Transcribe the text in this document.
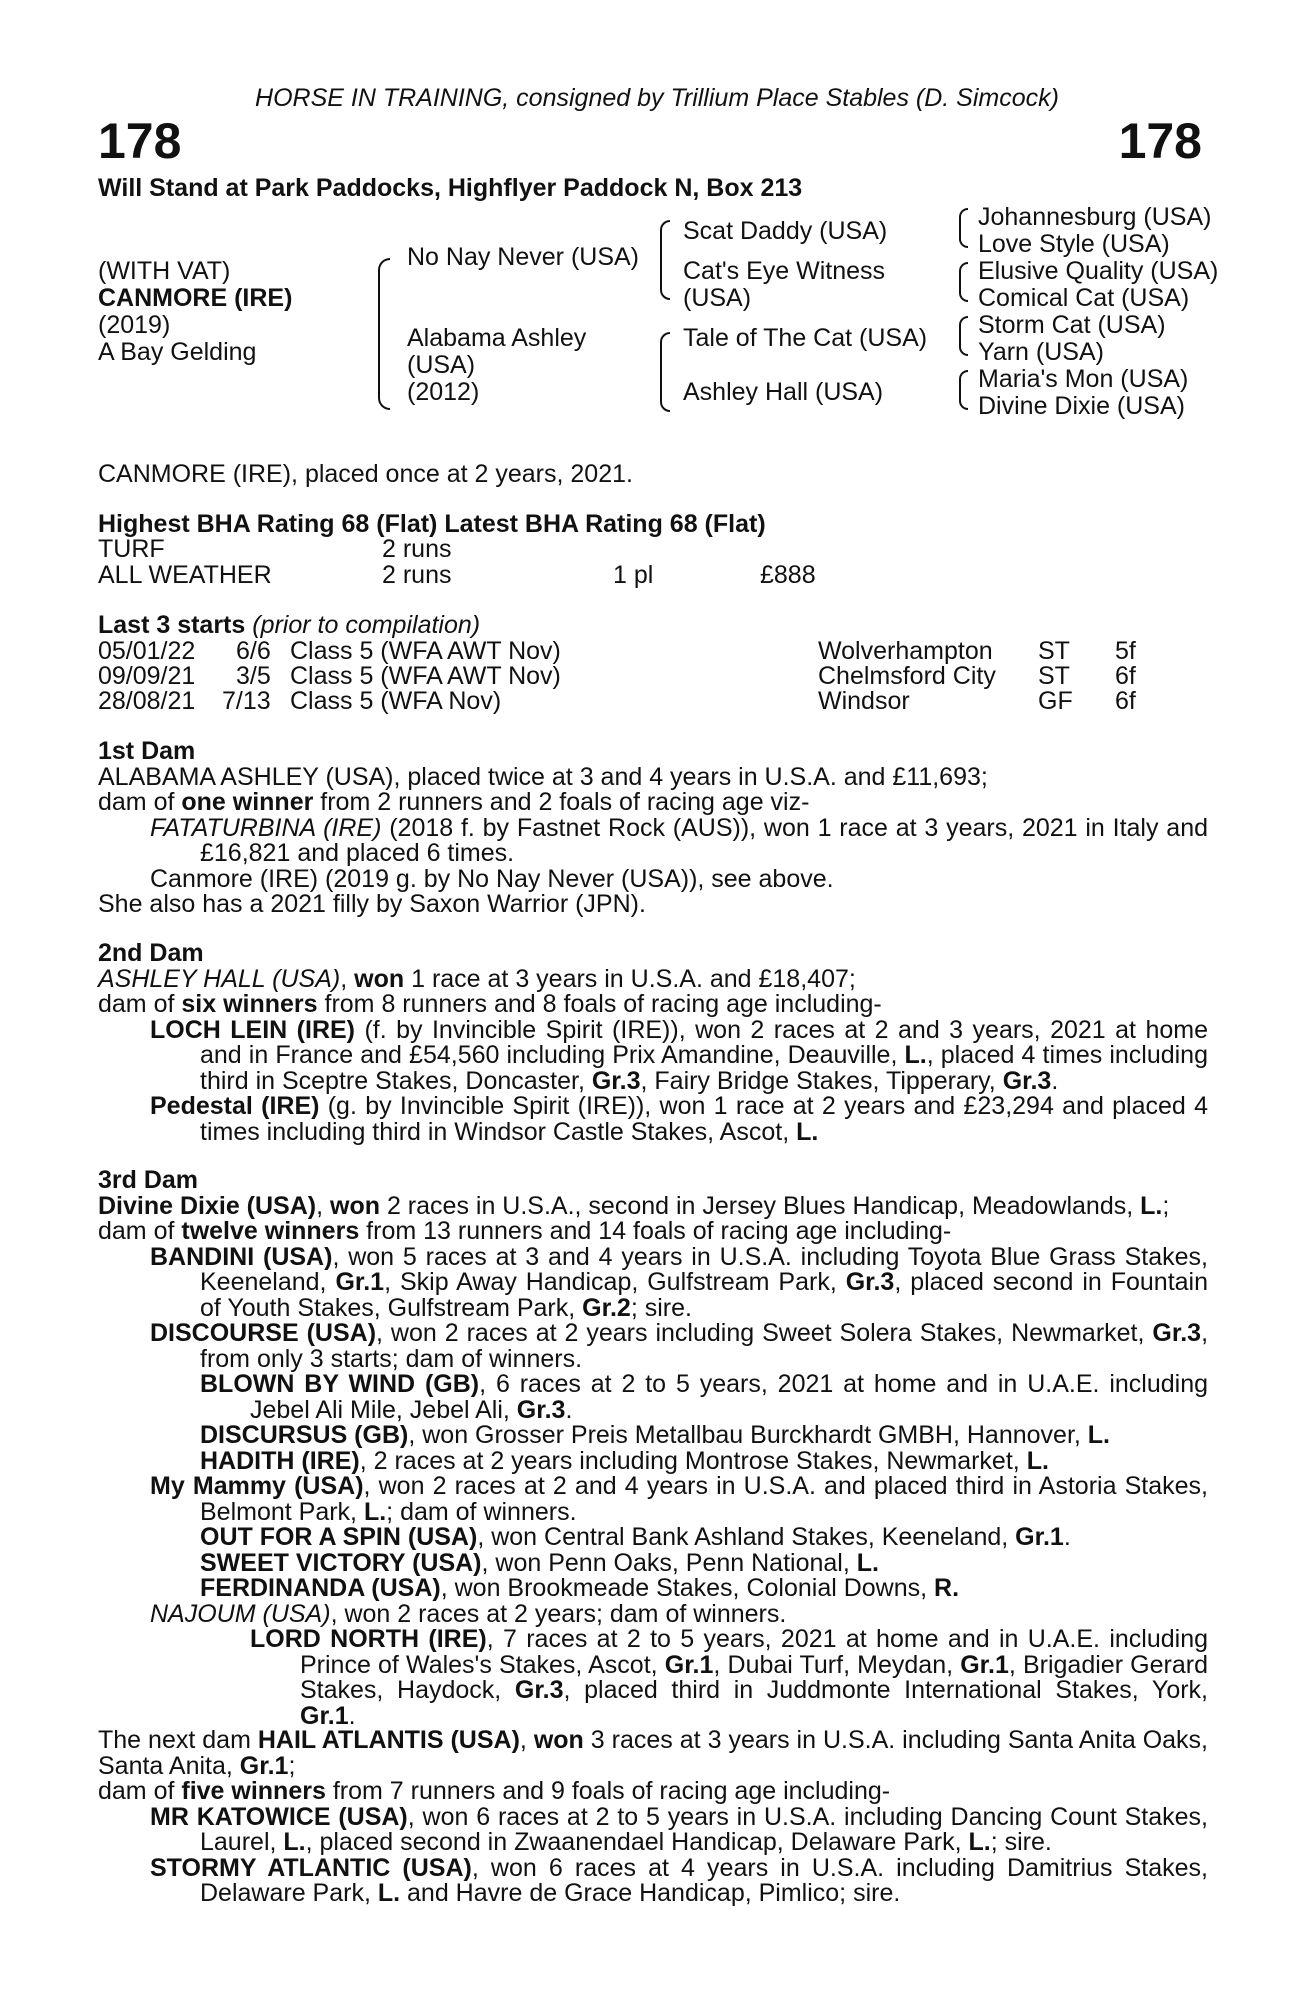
HORSE IN TRAINING, consigned by Trillium Place Stables (D. Simcock)
178	178
Will Stand at Park Paddocks, Highflyer Paddock N, Box 213
(WITH VAT)
CANMORE (IRE)
(2019)
A Bay Gelding
No Nay Never (USA)
Alabama Ashley
(USA)
(2012)
Scat Daddy (USA)
Cat's Eye Witness
(USA)
Tale of The Cat (USA)
Ashley Hall (USA)
Johannesburg (USA)
Love Style (USA)
Elusive Quality (USA)
Comical Cat (USA)
Storm Cat (USA)
Yarn (USA)
Maria's Mon (USA)
Divine Dixie (USA)
CANMORE (IRE), placed once at 2 years, 2021.
Highest BHA Rating 68 (Flat) Latest BHA Rating 68 (Flat)
TURF	2 runs
ALL WEATHER	2 runs	1 pl	£888
Last 3 starts (prior to compilation)
05/01/22 6/6 Class 5 (WFA AWT Nov)	Wolverhampton ST 5f
09/09/21 3/5 Class 5 (WFA AWT Nov)	Chelmsford City ST 6f
28/08/21 7/13 Class 5 (WFA Nov)	Windsor	GF 6f

1st Dam

ALABAMA ASHLEY (USA), placed twice at 3 and 4 years in U.S.A. and £11,693;

dam of one winner from 2 runners and 2 foals of racing age viz-

FATATURBINA (IRE) (2018 f. by Fastnet Rock (AUS)), won 1 race at 3 years, 2021 in Italy and £16,821 and placed 6 times.

Canmore (IRE) (2019 g. by No Nay Never (USA)), see above.

She also has a 2021 filly by Saxon Warrior (JPN).

2nd Dam

ASHLEY HALL (USA), won 1 race at 3 years in U.S.A. and £18,407;

dam of six winners from 8 runners and 8 foals of racing age including-

LOCH LEIN (IRE) (f. by Invincible Spirit (IRE)), won 2 races at 2 and 3 years, 2021 at home and in France and £54,560 including Prix Amandine, Deauville, L., placed 4 times including third in Sceptre Stakes, Doncaster, Gr.3, Fairy Bridge Stakes, Tipperary, Gr.3.

Pedestal (IRE) (g. by Invincible Spirit (IRE)), won 1 race at 2 years and £23,294 and placed 4 times including third in Windsor Castle Stakes, Ascot, L.

3rd Dam

Divine Dixie (USA), won 2 races in U.S.A., second in Jersey Blues Handicap, Meadowlands, L.;

dam of twelve winners from 13 runners and 14 foals of racing age including-

BANDINI (USA), won 5 races at 3 and 4 years in U.S.A. including Toyota Blue Grass Stakes, Keeneland, Gr.1, Skip Away Handicap, Gulfstream Park, Gr.3, placed second in Fountain of Youth Stakes, Gulfstream Park, Gr.2; sire.

DISCOURSE (USA), won 2 races at 2 years including Sweet Solera Stakes, Newmarket, Gr.3, from only 3 starts; dam of winners.

BLOWN BY WIND (GB), 6 races at 2 to 5 years, 2021 at home and in U.A.E. including Jebel Ali Mile, Jebel Ali, Gr.3.

DISCURSUS (GB), won Grosser Preis Metallbau Burckhardt GMBH, Hannover, L.

HADITH (IRE), 2 races at 2 years including Montrose Stakes, Newmarket, L.

My Mammy (USA), won 2 races at 2 and 4 years in U.S.A. and placed third in Astoria Stakes, Belmont Park, L.; dam of winners.

OUT FOR A SPIN (USA), won Central Bank Ashland Stakes, Keeneland, Gr.1.

SWEET VICTORY (USA), won Penn Oaks, Penn National, L.

FERDINANDA (USA), won Brookmeade Stakes, Colonial Downs, R.

NAJOUM (USA), won 2 races at 2 years; dam of winners.

LORD NORTH (IRE), 7 races at 2 to 5 years, 2021 at home and in U.A.E. including Prince of Wales's Stakes, Ascot, Gr.1, Dubai Turf, Meydan, Gr.1, Brigadier Gerard Stakes, Haydock, Gr.3, placed third in Juddmonte International Stakes, York, Gr.1.

The next dam HAIL ATLANTIS (USA), won 3 races at 3 years in U.S.A. including Santa Anita Oaks, Santa Anita, Gr.1;

dam of five winners from 7 runners and 9 foals of racing age including-

MR KATOWICE (USA), won 6 races at 2 to 5 years in U.S.A. including Dancing Count Stakes, Laurel, L., placed second in Zwaanendael Handicap, Delaware Park, L.; sire.

STORMY ATLANTIC (USA), won 6 races at 4 years in U.S.A. including Damitrius Stakes, Delaware Park, L. and Havre de Grace Handicap, Pimlico; sire.
